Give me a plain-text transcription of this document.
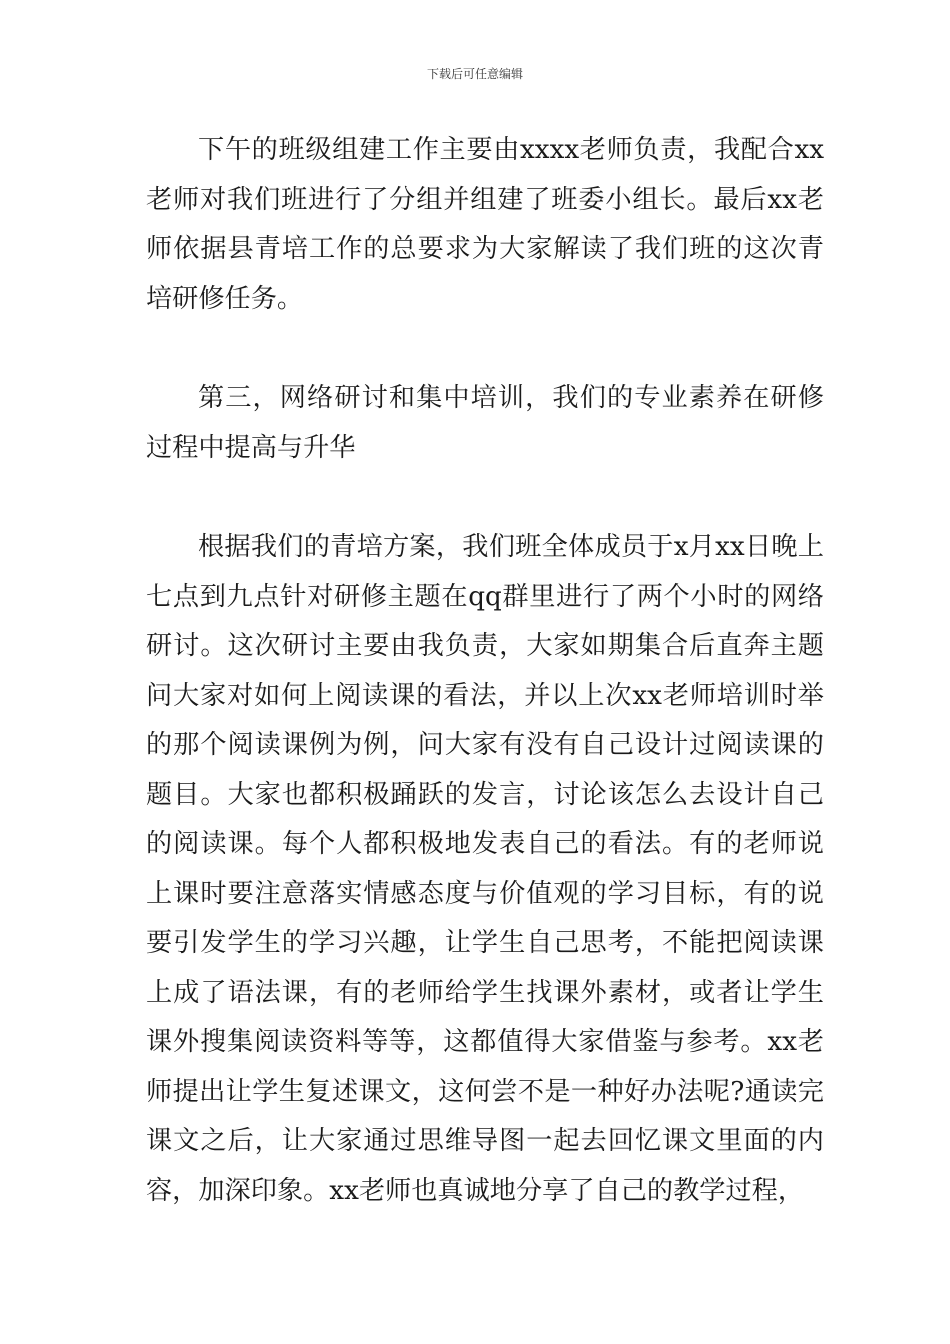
下载后可任意编辑

下午的班级组建工作主要由xxxx老师负责，我配合xx老师对我们班进行了分组并组建了班委小组长。最后xx老师依据县青培工作的总要求为大家解读了我们班的这次青培研修任务。

第三，网络研讨和集中培训，我们的专业素养在研修过程中提高与升华

根据我们的青培方案，我们班全体成员于x月xx日晚上七点到九点针对研修主题在qq群里进行了两个小时的网络研讨。这次研讨主要由我负责，大家如期集合后直奔主题问大家对如何上阅读课的看法，并以上次xx老师培训时举的那个阅读课例为例，问大家有没有自己设计过阅读课的题目。大家也都积极踊跃的发言，讨论该怎么去设计自己的阅读课。每个人都积极地发表自己的看法。有的老师说上课时要注意落实情感态度与价值观的学习目标，有的说要引发学生的学习兴趣，让学生自己思考，不能把阅读课上成了语法课，有的老师给学生找课外素材，或者让学生课外搜集阅读资料等等，这都值得大家借鉴与参考。xx老师提出让学生复述课文，这何尝不是一种好办法呢?通读完课文之后，让大家通过思维导图一起去回忆课文里面的内容，加深印象。xx老师也真诚地分享了自己的教学过程，
